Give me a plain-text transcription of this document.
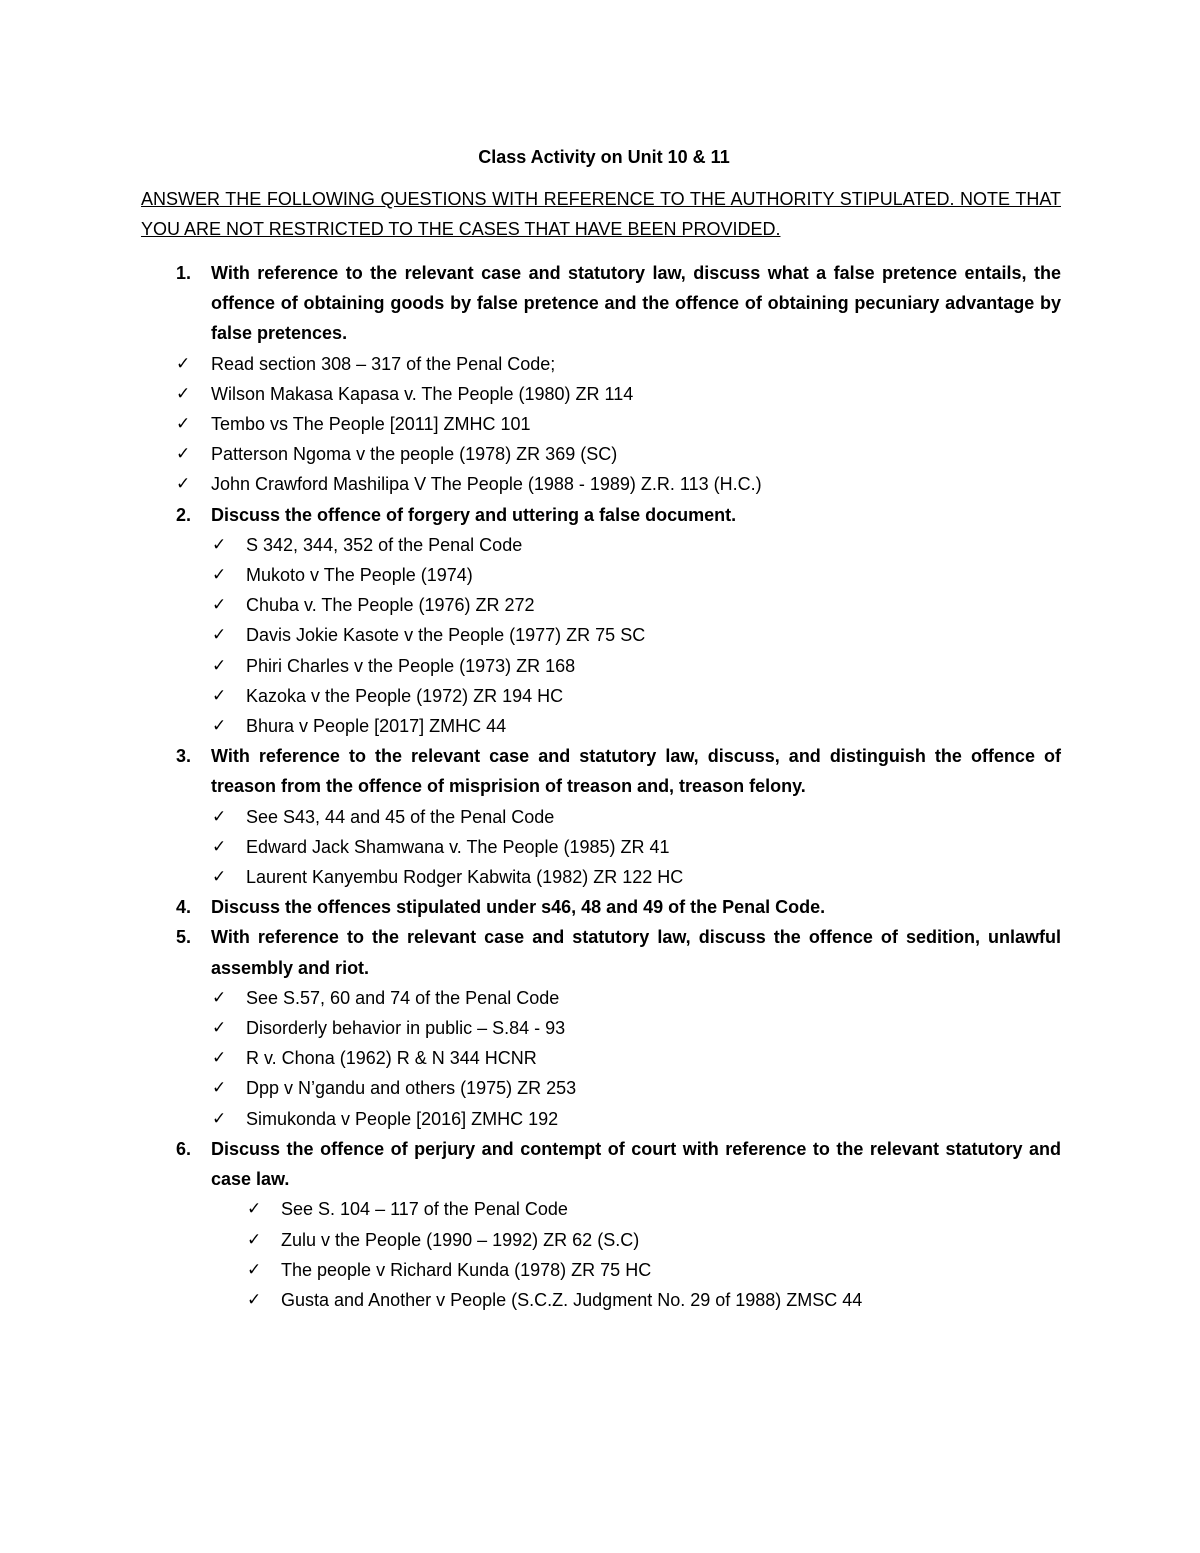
Class Activity on Unit 10 & 11
ANSWER THE FOLLOWING QUESTIONS WITH REFERENCE TO THE AUTHORITY STIPULATED. NOTE THAT YOU ARE NOT RESTRICTED TO THE CASES THAT HAVE BEEN PROVIDED.
1. With reference to the relevant case and statutory law, discuss what a false pretence entails, the offence of obtaining goods by false pretence and the offence of obtaining pecuniary advantage by false pretences.
✓ Read section 308 – 317 of the Penal Code;
✓ Wilson Makasa Kapasa v. The People (1980) ZR 114
✓ Tembo vs The People [2011] ZMHC 101
✓ Patterson Ngoma v the people (1978) ZR 369 (SC)
✓ John Crawford Mashilipa V The People (1988 - 1989) Z.R. 113 (H.C.)
2. Discuss the offence of forgery and uttering a false document.
✓ S 342, 344, 352 of the Penal Code
✓ Mukoto v The People (1974)
✓ Chuba v. The People (1976) ZR 272
✓ Davis Jokie Kasote v the People (1977) ZR 75 SC
✓ Phiri Charles v the People (1973) ZR 168
✓ Kazoka v the People (1972) ZR 194 HC
✓ Bhura v People [2017] ZMHC 44
3. With reference to the relevant case and statutory law, discuss, and distinguish the offence of treason from the offence of misprision of treason and, treason felony.
✓ See S43, 44 and 45 of the Penal Code
✓ Edward Jack Shamwana v. The People (1985) ZR 41
✓ Laurent Kanyembu Rodger Kabwita (1982) ZR 122 HC
4. Discuss the offences stipulated under s46, 48 and 49 of the Penal Code.
5. With reference to the relevant case and statutory law, discuss the offence of sedition, unlawful assembly and riot.
✓ See S.57, 60 and 74 of the Penal Code
✓ Disorderly behavior in public – S.84 - 93
✓ R v. Chona (1962) R & N 344 HCNR
✓ Dpp v N’gandu and others (1975) ZR 253
✓ Simukonda v People [2016] ZMHC 192
6. Discuss the offence of perjury and contempt of court with reference to the relevant statutory and case law.
✓ See S. 104 – 117 of the Penal Code
✓ Zulu v the People (1990 – 1992) ZR 62 (S.C)
✓ The people v Richard Kunda (1978) ZR 75 HC
✓ Gusta and Another v People (S.C.Z. Judgment No. 29 of 1988) ZMSC 44
